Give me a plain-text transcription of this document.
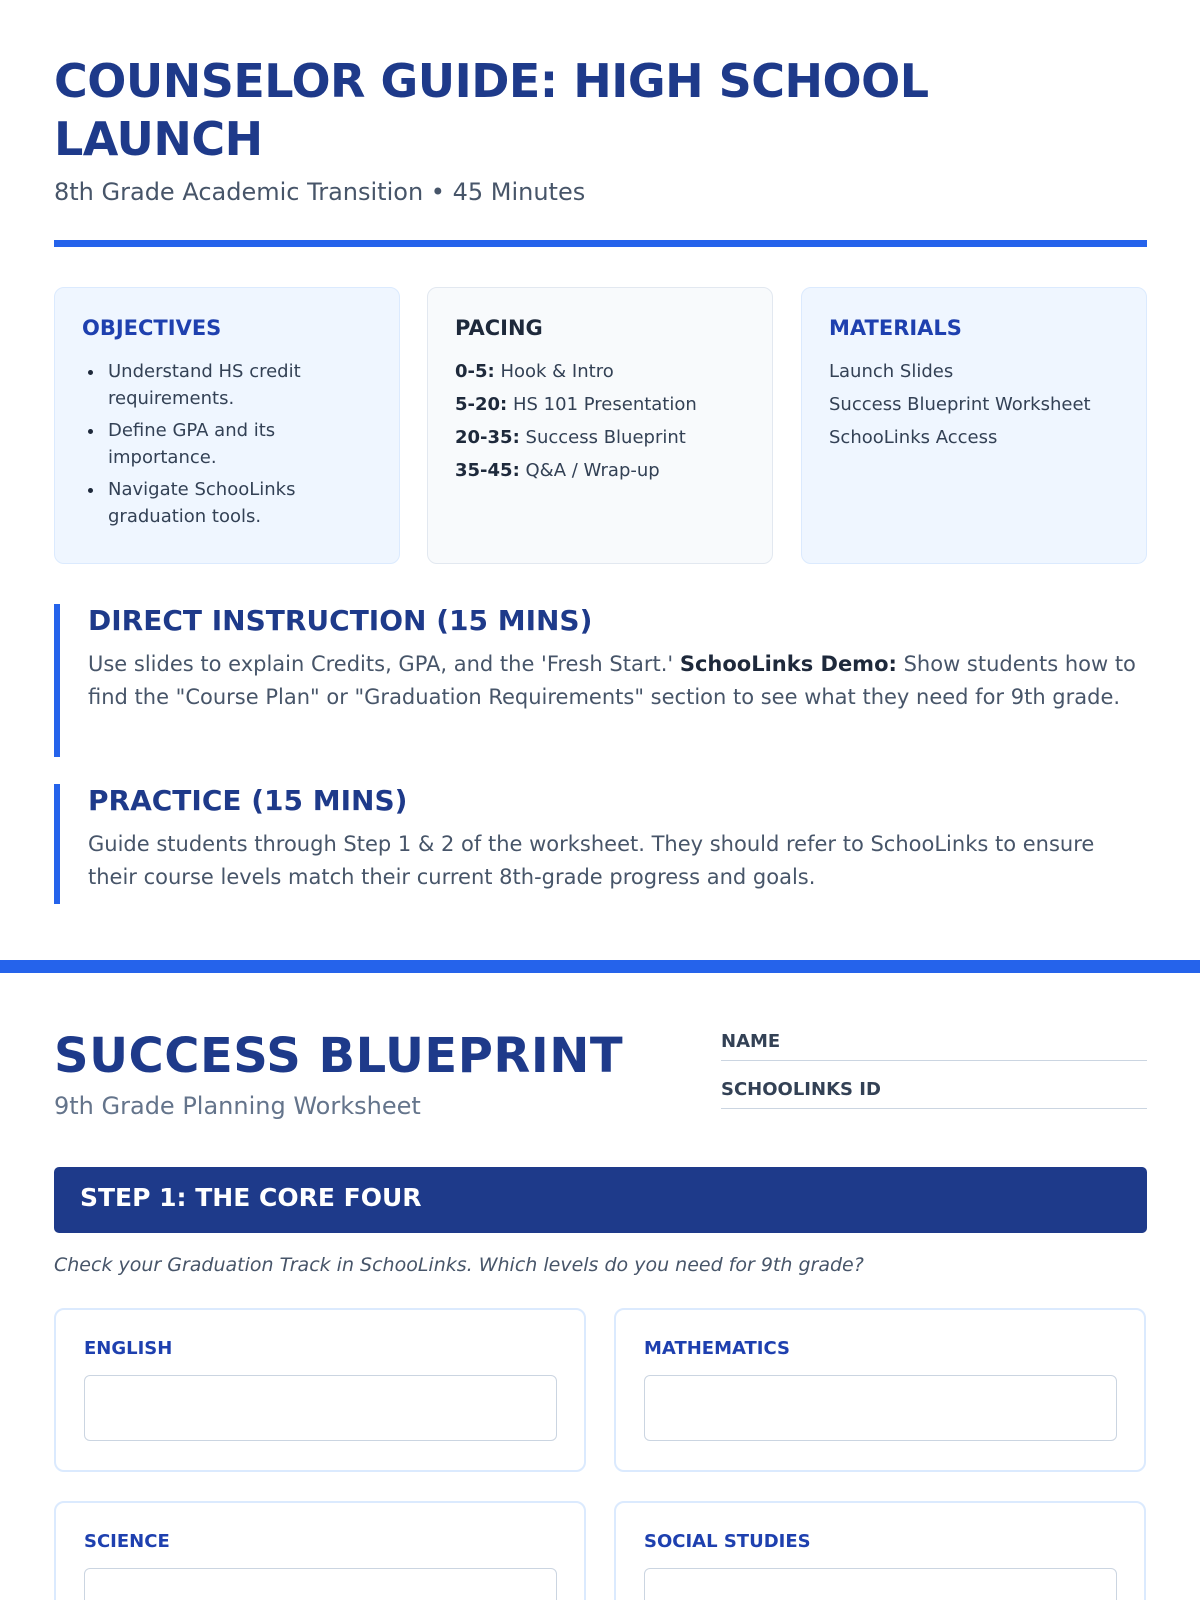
COUNSELOR GUIDE: HIGH SCHOOL LAUNCH
8th Grade Academic Transition • 45 Minutes
OBJECTIVES
Understand HS credit requirements.
Define GPA and its importance.
Navigate SchooLinks graduation tools.
PACING
0-5: Hook & Intro
5-20: HS 101 Presentation
20-35: Success Blueprint
35-45: Q&A / Wrap-up
MATERIALS
Launch Slides
Success Blueprint Worksheet
SchooLinks Access
DIRECT INSTRUCTION (15 MINS)
Use slides to explain Credits, GPA, and the 'Fresh Start.' SchooLinks Demo: Show students how to find the "Course Plan" or "Graduation Requirements" section to see what they need for 9th grade.
PRACTICE (15 MINS)
Guide students through Step 1 & 2 of the worksheet. They should refer to SchooLinks to ensure their course levels match their current 8th-grade progress and goals.
SUCCESS BLUEPRINT
9th Grade Planning Worksheet
NAME
SCHOOLINKS ID
STEP 1: THE CORE FOUR
Check your Graduation Track in SchooLinks. Which levels do you need for 9th grade?
ENGLISH	MATHEMATICS
SCIENCE	SOCIAL STUDIES
